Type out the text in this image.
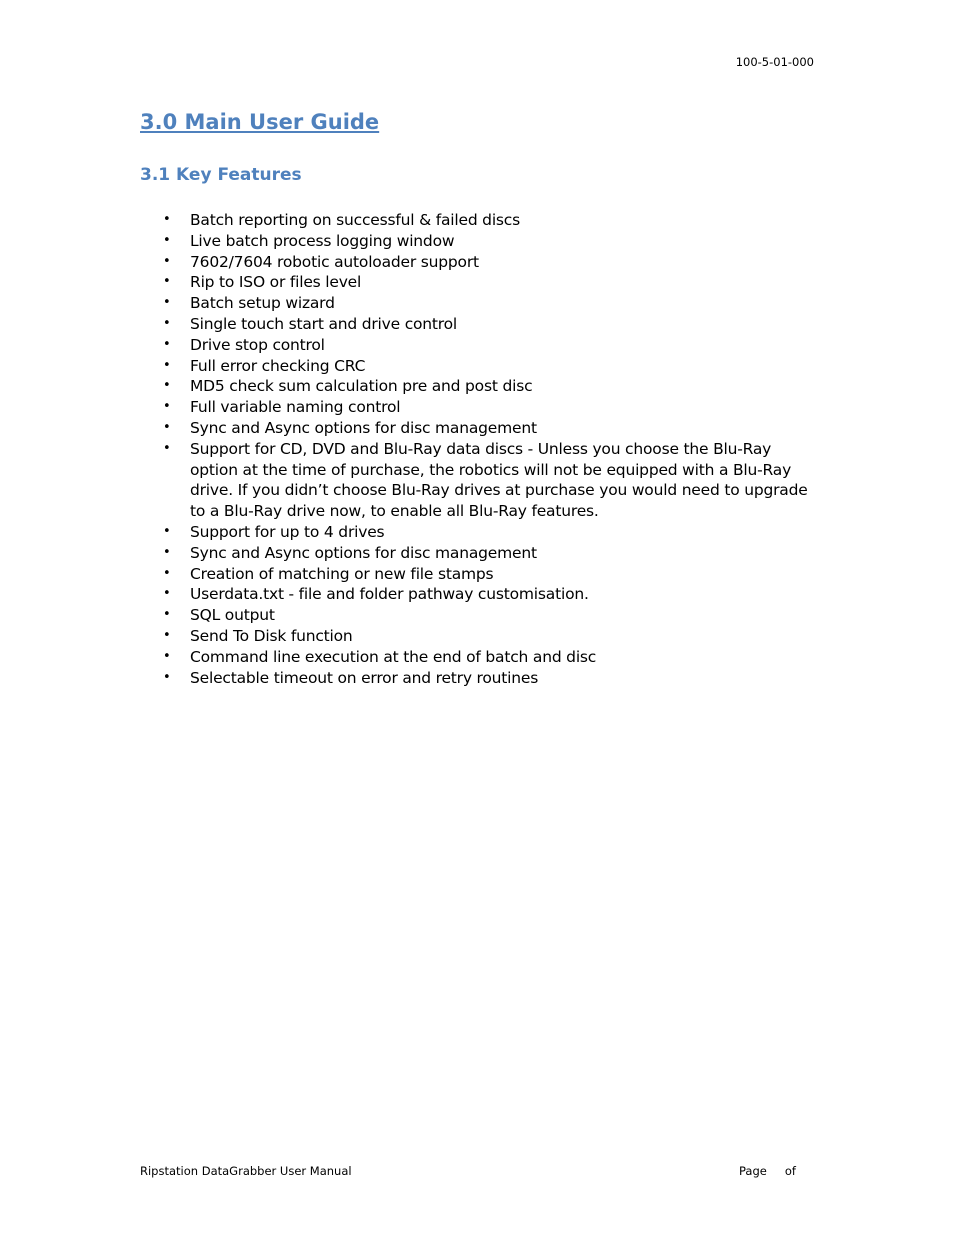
100-5-01-000
3.0 Main User Guide
3.1 Key Features
• Batch reporting on successful & failed discs
• Live batch process logging window
• 7602/7604 robotic autoloader support
• Rip to ISO or files level
• Batch setup wizard
• Single touch start and drive control
• Drive stop control
• Full error checking CRC
• MD5 check sum calculation pre and post disc
• Full variable naming control
• Sync and Async options for disc management
• Support for CD, DVD and Blu-Ray data discs - Unless you choose the Blu-Ray option at the time of purchase, the robotics will not be equipped with a Blu-Ray drive. If you didn’t choose Blu-Ray drives at purchase you would need to upgrade to a Blu-Ray drive now, to enable all Blu-Ray features.
• Support for up to 4 drives
• Sync and Async options for disc management
• Creation of matching or new file stamps
• Userdata.txt - file and folder pathway customisation.
• SQL output
• Send To Disk function
• Command line execution at the end of batch and disc
• Selectable timeout on error and retry routines
Ripstation DataGrabber User Manual	Page of
